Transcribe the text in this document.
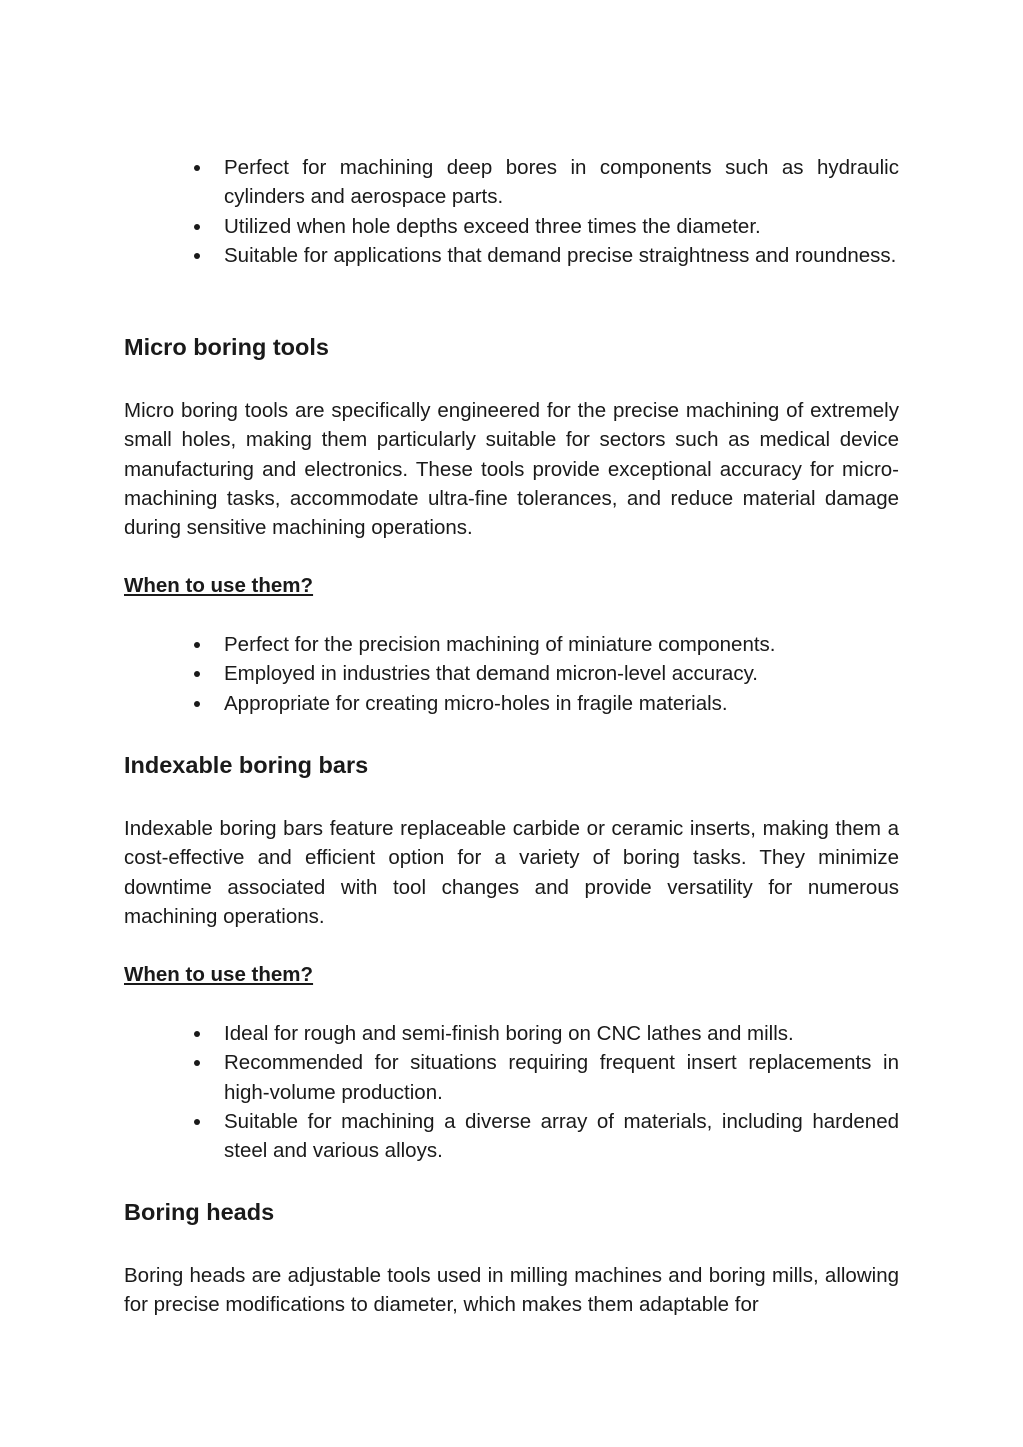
Perfect for machining deep bores in components such as hydraulic cylinders and aerospace parts.
Utilized when hole depths exceed three times the diameter.
Suitable for applications that demand precise straightness and roundness.
Micro boring tools

Micro boring tools are specifically engineered for the precise machining of extremely small holes, making them particularly suitable for sectors such as medical device manufacturing and electronics. These tools provide exceptional accuracy for micro-machining tasks, accommodate ultra-fine tolerances, and reduce material damage during sensitive machining operations.

When to use them?

Perfect for the precision machining of miniature components.
Employed in industries that demand micron-level accuracy.
Appropriate for creating micro-holes in fragile materials.
Indexable boring bars

Indexable boring bars feature replaceable carbide or ceramic inserts, making them a cost-effective and efficient option for a variety of boring tasks. They minimize downtime associated with tool changes and provide versatility for numerous machining operations.

When to use them?

Ideal for rough and semi-finish boring on CNC lathes and mills.
Recommended for situations requiring frequent insert replacements in high-volume production.
Suitable for machining a diverse array of materials, including hardened steel and various alloys.
Boring heads

Boring heads are adjustable tools used in milling machines and boring mills, allowing for precise modifications to diameter, which makes them adaptable for
